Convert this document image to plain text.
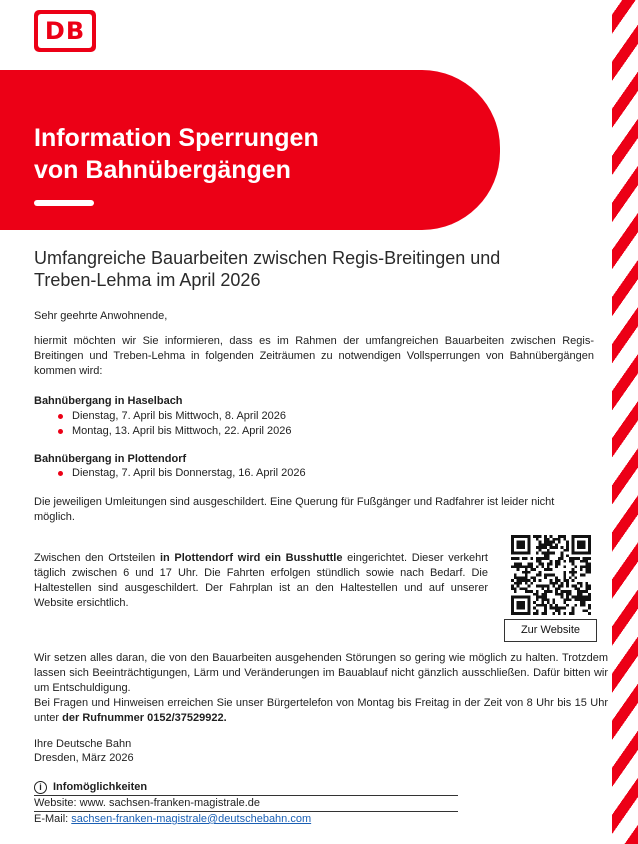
DB
Information Sperrungen
von Bahnübergängen
Umfangreiche Bauarbeiten zwischen Regis-Breitingen und
Treben-Lehma im April 2026
Sehr geehrte Anwohnende,
hiermit möchten wir Sie informieren, dass es im Rahmen der umfangreichen Bauarbeiten zwischen Regis-Breitingen und Treben-Lehma in folgenden Zeiträumen zu notwendigen Vollsperrungen von Bahnübergängen kommen wird:
Bahnübergang in Haselbach
Dienstag, 7. April bis Mittwoch, 8. April 2026
Montag, 13. April bis Mittwoch, 22. April 2026
Bahnübergang in Plottendorf
Dienstag, 7. April bis Donnerstag, 16. April 2026
Die jeweiligen Umleitungen sind ausgeschildert. Eine Querung für Fußgänger und Radfahrer ist leider nicht möglich.
Zwischen den Ortsteilen in Plottendorf wird ein Busshuttle eingerichtet. Dieser verkehrt täglich zwischen 6 und 17 Uhr. Die Fahrten erfolgen stündlich sowie nach Bedarf. Die Haltestellen sind ausgeschildert. Der Fahrplan ist an den Haltestellen und auf unserer Website ersichtlich.
Zur Website
Wir setzen alles daran, die von den Bauarbeiten ausgehenden Störungen so gering wie möglich zu halten. Trotzdem lassen sich Beeinträchtigungen, Lärm und Veränderungen im Bauablauf nicht gänzlich ausschließen. Dafür bitten wir um Entschuldigung.
Bei Fragen und Hinweisen erreichen Sie unser Bürgertelefon von Montag bis Freitag in der Zeit von 8 Uhr bis 15 Uhr unter der Rufnummer 0152/37529922.
Ihre Deutsche Bahn
Dresden, März 2026
i	Infomöglichkeiten
Website: www. sachsen-franken-magistrale.de
E-Mail: sachsen-franken-magistrale@deutschebahn.com
